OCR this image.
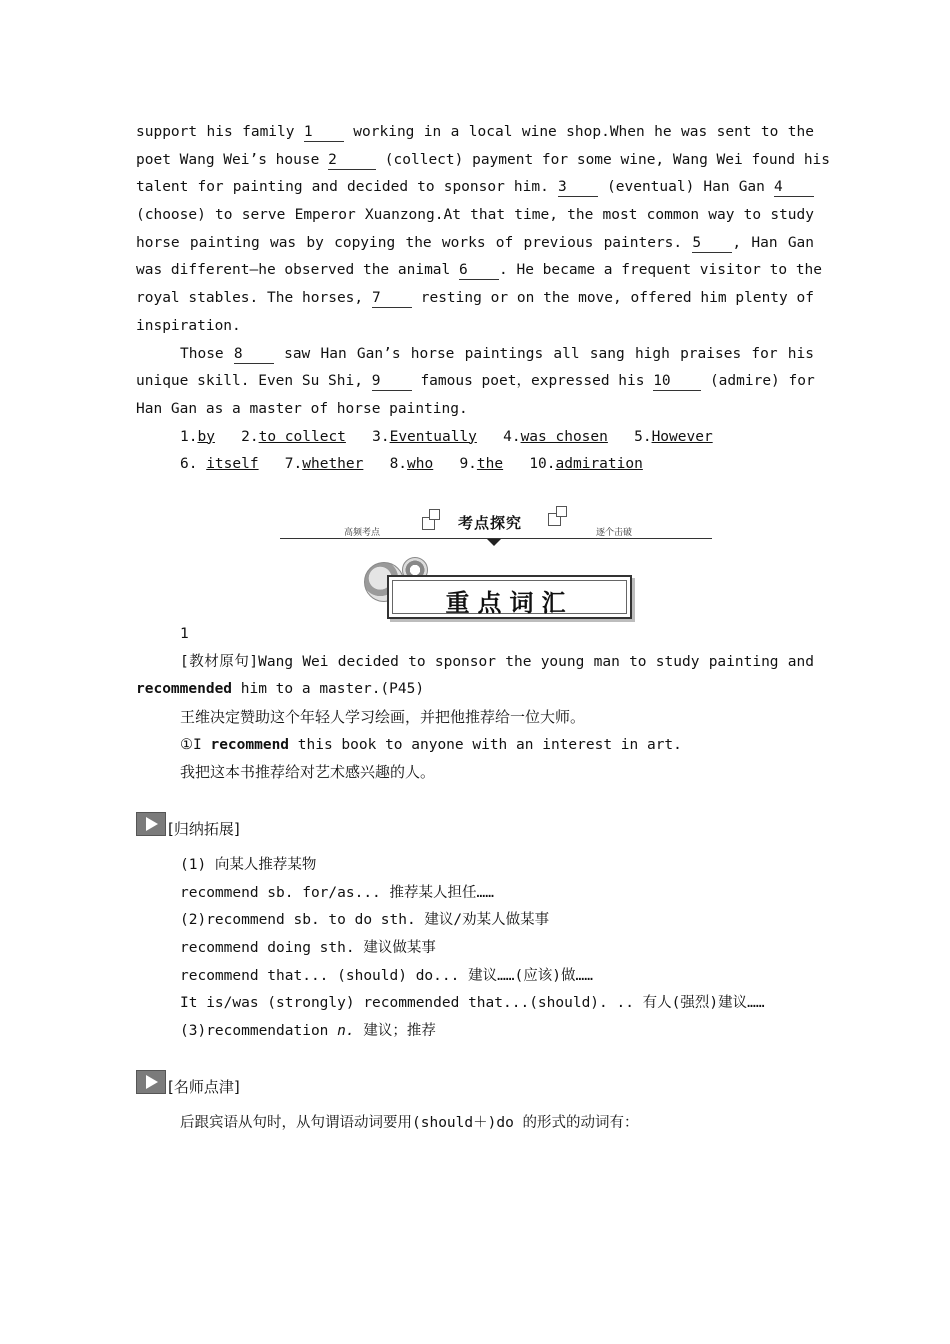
support his family 1	working in a local wine shop.When he was sent to the
poet Wang Wei’s house 2	(collect) payment for some wine, Wang Wei found his
talent for painting and decided to sponsor him. 3	(eventual) Han Gan 4
(choose) to serve Emperor Xuanzong.At that time, the most common way to study
horse painting was by copying the works of previous painters. 5 , Han Gan
was different—he observed the animal 6 . He became a frequent visitor to the
royal stables. The horses, 7	resting or on the move, offered him plenty of
inspiration.
Those 8	saw Han Gan’s horse paintings all sang high praises for his
unique skill. Even Su Shi, 9	famous poet，expressed his 10	(admire) for
Han Gan as a master of horse painting.
1.by 2.to collect 3.Eventually 4.was chosen 5.However
6. itself 7.whether 8.who 9.the 10.admiration
高频考点
考点探究
逐个击破
重点词汇
1
[教材原句]Wang Wei decided to sponsor the young man to study painting and
recommended him to a master.(P45)
王维决定赞助这个年轻人学习绘画，并把他推荐给一位大师。
①I recommend this book to anyone with an interest in art.
我把这本书推荐给对艺术感兴趣的人。
[归纳拓展]
(1) 向某人推荐某物
recommend sb. for/as... 推荐某人担任……
(2)recommend sb. to do sth. 建议/劝某人做某事
recommend doing sth. 建议做某事
recommend that... (should) do... 建议……(应该)做……
It is/was (strongly) recommended that...(should). .. 有人(强烈)建议……
(3)recommendation n. 建议；推荐
[名师点津]
后跟宾语从句时，从句谓语动词要用(should＋)do 的形式的动词有：
